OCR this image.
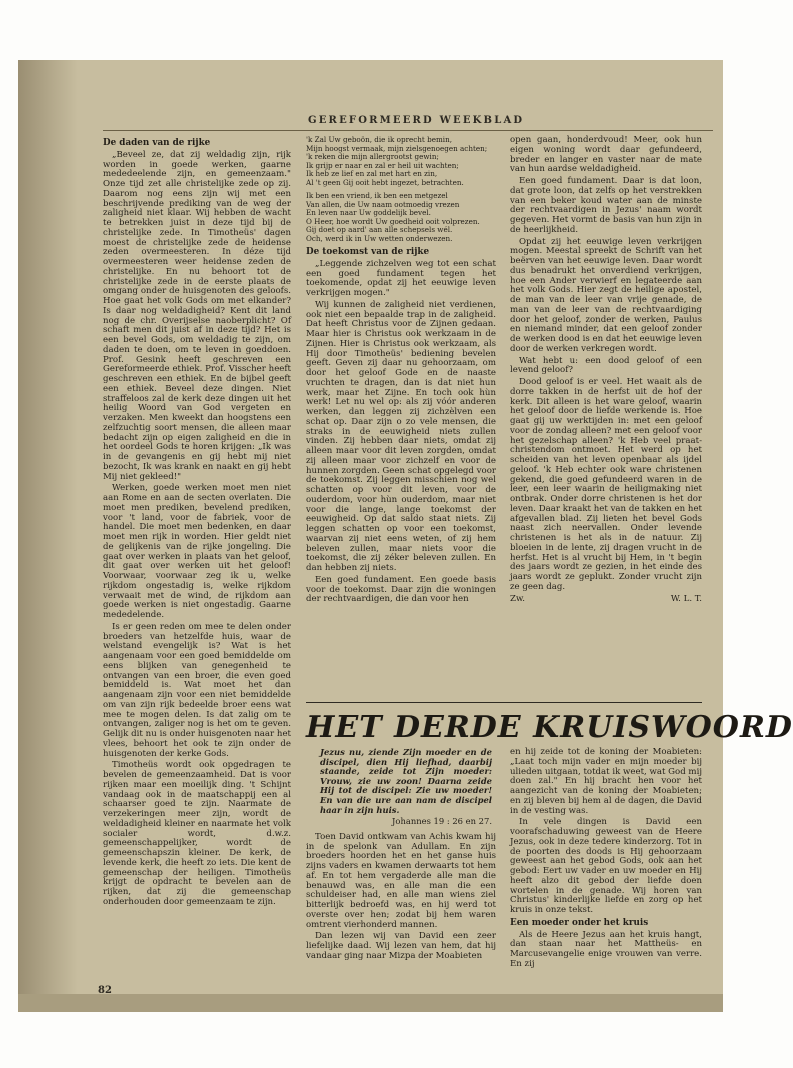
GEREFORMEERD WEEKBLAD
De daden van de rijke

„Beveel ze, dat zij weldadig zijn, rijk worden in goede werken, gaarne mededeelende zijn, en gemeenzaam." Onze tijd zet alle christelijke zede op zij. Daarom nog eens zijn wij met een beschrijvende prediking van de weg der zaligheid niet klaar. Wij hebben de wacht te betrekken juist in deze tijd bij de christelijke zede. In Timotheüs' dagen moest de christelijke zede de heidense zeden overmeesteren. In déze tijd overmeesteren weer heidense zeden de christelijke. En nu behoort tot de christelijke zede in de eerste plaats de omgang onder de huisgenoten des geloofs. Hoe gaat het volk Gods om met elkander? Is daar nog weldadigheid? Kent dit land nog de chr. Overijselse naoberplicht? Of schaft men dit juist af in deze tijd? Het is een bevel Gods, om weldadig te zijn, om daden te doen, om te leven in goeddoen. Prof. Gesink heeft geschreven een Gereformeerde ethiek. Prof. Visscher heeft geschreven een ethiek. En de bijbel geeft een ethiek. Beveel deze dingen. Niet straffeloos zal de kerk deze dingen uit het heilig Woord van God vergeten en verzaken. Men kweekt dan hoogstens een zelfzuchtig soort mensen, die alleen maar bedacht zijn op eigen zaligheid en die in het oordeel Gods te horen krijgen: „Ik was in de gevangenis en gij hebt mij niet bezocht, Ik was krank en naakt en gij hebt Mij niet gekleed!"

Werken, goede werken moet men niet aan Rome en aan de secten overlaten. Die moet men prediken, bevelend prediken, voor 't land, voor de fabriek, voor de handel. Die moet men bedenken, en daar moet men rijk in worden. Hier geldt niet de gelijkenis van de rijke jongeling. Die gaat over werken in plaats van het geloof, dit gaat over werken uit het geloof! Voorwaar, voorwaar zeg ik u, welke rijkdom ongestadig is, welke rijkdom verwaait met de wind, de rijkdom aan goede werken is niet ongestadig. Gaarne mededelende.

Is er geen reden om mee te delen onder broeders van hetzelfde huis, waar de welstand evengelijk is? Wat is het aangenaam voor een goed bemiddelde om eens blijken van genegenheid te ontvangen van een broer, die even goed bemiddeld is. Wat moet het dan aangenaam zijn voor een niet bemiddelde om van zijn rijk bedeelde broer eens wat mee te mogen delen. Is dat zalig om te ontvangen, zaliger nog is het om te geven. Gelijk dit nu is onder huisgenoten naar het vlees, behoort het ook te zijn onder de huisgenoten der kerke Gods.

Timotheüs wordt ook opgedragen te bevelen de gemeenzaamheid. Dat is voor rijken maar een moeilijk ding. 't Schijnt vandaag ook in de maatschappij een al schaarser goed te zijn. Naarmate de verzekeringen meer zijn, wordt de weldadigheid kleiner en naarmate het volk socialer wordt, d.w.z. gemeenschappelijker, wordt de gemeenschapszin kleiner. De kerk, de levende kerk, die heeft zo iets. Die kent de gemeenschap der heiligen. Timotheüs krijgt de opdracht te bevelen aan de rijken, dat zij die gemeenschap onderhouden door gemeenzaam te zijn.

'k Zal Uw geboön, die ik oprecht bemin,
Mijn hoogst vermaak, mijn zielsgenoegen achten;
'k reken die mijn allergrootst gewin;
Ik grijp er naar en zal er heil uit wachten;
Ik heb ze lief en zal met hart en zin,
Al 't geen Gij ooit hebt ingezet, betrachten.
Ik ben een vriend, ik ben een metgezel
Van allen, die Uw naam ootmoedig vrezen
En leven naar Uw goddelijk bevel.
O Heer, hoe wordt Uw goedheid ooit volprezen.
Gij doet op aard' aan alle schepsels wél.
Och, werd ik in Uw wetten onderwezen.
De toekomst van de rijke

„Leggende zichzelven weg tot een schat een goed fundament tegen het toekomende, opdat zij het eeuwige leven verkrijgen mogen."

Wij kunnen de zaligheid niet verdienen, ook niet een bepaalde trap in de zaligheid. Dat heeft Christus voor de Zijnen gedaan. Maar hier is Christus ook werkzaam in de Zijnen. Hier is Christus ook werkzaam, als Hij door Timotheüs' bediening bevelen geeft. Geven zij daar nu gehoorzaam, om door het geloof Gode en de naaste vruchten te dragen, dan is dat niet hun werk, maar het Zijne. En toch ook hùn werk! Let nu wel op: als zij vóór anderen werken, dan leggen zij zichzèlven een schat op. Daar zijn o zo vele mensen, die straks in de eeuwigheid niets zullen vinden. Zij hebben daar niets, omdat zij alleen maar voor dit leven zorgden, omdat zij alleen maar voor zichzelf en voor de hunnen zorgden. Geen schat opgelegd voor de toekomst. Zij leggen misschien nog wel schatten op voor dit leven, voor de ouderdom, voor hùn ouderdom, maar niet voor die lange, lange toekomst der eeuwigheid. Op dat saldo staat niets. Zij leggen schatten op voor een toekomst, waarvan zij niet eens weten, of zij hem beleven zullen, maar niets voor die toekomst, die zij zéker beleven zullen. En dan hebben zij niets.

Een goed fundament. Een goede basis voor de toekomst. Daar zijn die woningen der rechtvaardigen, die dan voor hen

open gaan, honderdvoud! Meer, ook hun eigen woning wordt daar gefundeerd, breder en langer en vaster naar de mate van hun aardse weldadigheid.

Een goed fundament. Daar is dat loon, dat grote loon, dat zelfs op het verstrekken van een beker koud water aan de minste der rechtvaardigen in Jezus' naam wordt gegeven. Het vormt de basis van hun zijn in de heerlijkheid.

Opdat zij het eeuwige leven verkrijgen mogen. Meestal spreekt de Schrift van het beërven van het eeuwige leven. Daar wordt dus benadrukt het onverdiend verkrijgen, hoe een Ander verwierf en legateerde aan het volk Gods. Hier zegt de heilige apostel, de man van de leer van vrije genade, de man van de leer van de rechtvaardiging door het geloof, zonder de werken, Paulus en niemand minder, dat een geloof zonder de werken dood is en dat het eeuwige leven door de werken verkregen wordt.

Wat hebt u: een dood geloof of een levend geloof?

Dood geloof is er veel. Het waait als de dorre takken in de herfst uit de hof der kerk. Dit alleen is het ware geloof, waarin het geloof door de liefde werkende is. Hoe gaat gij uw werktijden in: met een geloof voor de zondag alleen? met een geloof voor het gezelschap alleen? 'k Heb veel praat-christendom ontmoet. Het werd op het scheiden van het leven openbaar als ijdel geloof. 'k Heb echter ook ware christenen gekend, die goed gefundeerd waren in de leer, een leer waarin de heiligmaking niet ontbrak. Onder dorre christenen is het dor leven. Daar kraakt het van de takken en het afgevallen blad. Zij lieten het bevel Gods naast zich neervallen. Onder levende christenen is het als in de natuur. Zij bloeien in de lente, zij dragen vrucht in de herfst. Het is al vrucht bij Hem, in 't begin des jaars wordt ze gezien, in het einde des jaars wordt ze geplukt. Zonder vrucht zijn ze geen dag.

Zw.	W. L. T.
HET DERDE KRUISWOORD
Jezus nu, ziende Zijn moeder en de discipel, dien Hij liefhad, daarbij staande, zeide tot Zijn moeder: Vrouw, zie uw zoon! Daarna zeide Hij tot de discipel: Zie uw moeder! En van die ure aan nam de discipel haar in zijn huis.
Johannes 19 : 26 en 27.

Toen David ontkwam van Achis kwam hij in de spelonk van Adullam. En zijn broeders hoorden het en het ganse huis zijns vaders en kwamen derwaarts tot hem af. En tot hem vergaderde alle man die benauwd was, en alle man die een schuldeiser had, en alle man wiens ziel bitterlijk bedroefd was, en hij werd tot overste over hen; zodat bij hem waren omtrent vierhonderd mannen.

Dan lezen wij van David een zeer liefelijke daad. Wij lezen van hem, dat hij vandaar ging naar Mizpa der Moabieten

en hij zeide tot de koning der Moabieten: „Laat toch mijn vader en mijn moeder bij ulieden uitgaan, totdat ik weet, wat God mij doen zal." En hij bracht hen voor het aangezicht van de koning der Moabieten; en zij bleven bij hem al de dagen, die David in de vesting was.

In vele dingen is David een voorafschaduwing geweest van de Heere Jezus, ook in deze tedere kinderzorg. Tot in de poorten des doods is Hij gehoorzaam geweest aan het gebod Gods, ook aan het gebod: Eert uw vader en uw moeder en Hij heeft alzo dit gebod der liefde doen wortelen in de genade. Wij horen van Christus' kinderlijke liefde en zorg op het kruis in onze tekst.

Een moeder onder het kruis

Als de Heere Jezus aan het kruis hangt, dan staan naar het Mattheüs- en Marcusevangelie enige vrouwen van verre. En zij

82
